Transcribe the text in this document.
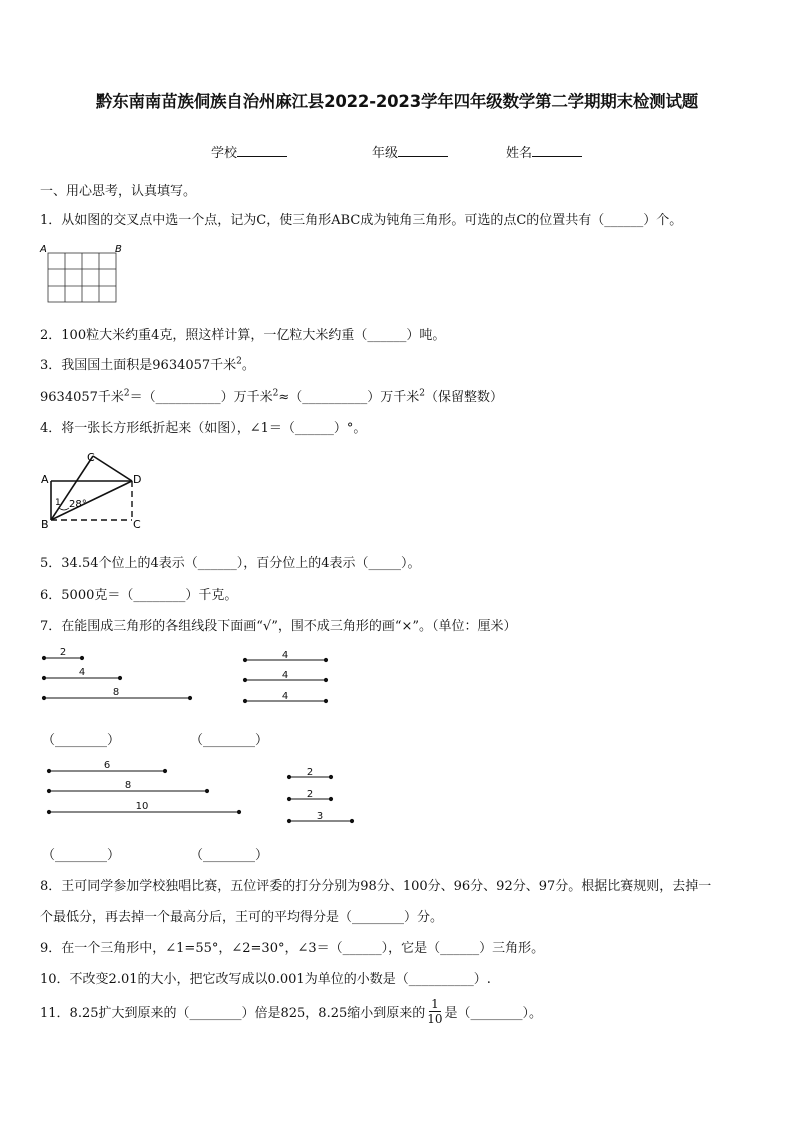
黔东南南苗族侗族自治州麻江县2022-2023学年四年级数学第二学期期末检测试题
学校	年级	姓名
一、用心思考，认真填写。
1．从如图的交叉点中选一个点，记为C，使三角形ABC成为钝角三角形。可选的点C的位置共有（______）个。
A	B
2．100粒大米约重4克，照这样计算，一亿粒大米约重（______）吨。
3．我国国土面积是9634057千米$^2$。
9634057千米$^2$＝（__________）万千米$^2$≈（__________）万千米$^2$（保留整数）
4．将一张长方形纸折起来（如图），∠1＝（______）°。
A
B
C
D
C
1 28°
5．34.54个位上的4表示（______），百分位上的4表示（_____）。
6．5000克＝（________）千克。
7．在能围成三角形的各组线段下面画“√”，围不成三角形的画“×”。（单位：厘米）
2
4
8
4
4
4
6
8
10
2
2
3
（________）	（________）
（________）	（________）
8．王可同学参加学校独唱比赛，五位评委的打分分别为98分、100分、96分、92分、97分。根据比赛规则，去掉一
个最低分，再去掉一个最高分后，王可的平均得分是（________）分。
9．在一个三角形中，∠1=55°，∠2=30°，∠3＝（______），它是（______）三角形。
10．不改变2.01的大小，把它改写成以0.001为单位的小数是（__________）.
11．8.25扩大到原来的（________）倍是825，8.25缩小到原来的 $\frac{1}{10}$ 是（________）。
